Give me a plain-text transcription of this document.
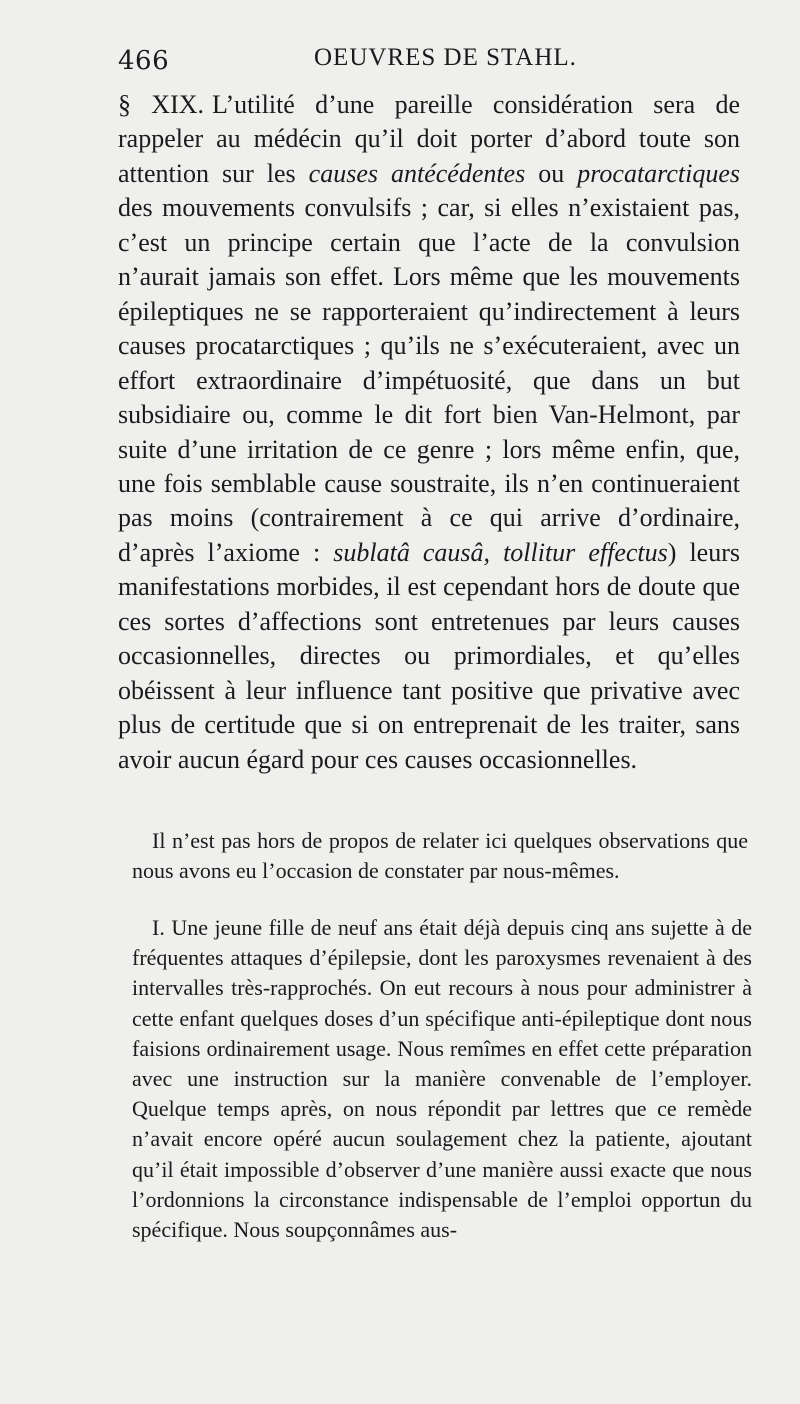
466	OEUVRES DE STAHL.
§ XIX. L’utilité d’une pareille considération sera de rappeler au médécin qu’il doit porter d’abord toute son attention sur les causes antécédentes ou procatarctiques des mouvements convulsifs ; car, si elles n’existaient pas, c’est un principe certain que l’acte de la convulsion n’aurait jamais son effet. Lors même que les mouvements épileptiques ne se rapporteraient qu’indirectement à leurs causes procatarctiques ; qu’ils ne s’exécuteraient, avec un effort extraordinaire d’impétuosité, que dans un but subsidiaire ou, comme le dit fort bien Van-Helmont, par suite d’une irritation de ce genre ; lors même enfin, que, une fois semblable cause soustraite, ils n’en continueraient pas moins (contrairement à ce qui arrive d’ordinaire, d’après l’axiome : sublatâ causâ, tollitur effectus) leurs manifestations morbides, il est cependant hors de doute que ces sortes d’affections sont entretenues par leurs causes occasionnelles, directes ou primordiales, et qu’elles obéissent à leur influence tant positive que privative avec plus de certitude que si on entreprenait de les traiter, sans avoir aucun égard pour ces causes occasionnelles.
Il n’est pas hors de propos de relater ici quelques observations que nous avons eu l’occasion de constater par nous-mêmes.
I. Une jeune fille de neuf ans était déjà depuis cinq ans sujette à de fréquentes attaques d’épilepsie, dont les paroxysmes revenaient à des intervalles très-rapprochés. On eut recours à nous pour administrer à cette enfant quelques doses d’un spécifique anti-épileptique dont nous faisions ordinairement usage. Nous remîmes en effet cette préparation avec une instruction sur la manière convenable de l’employer. Quelque temps après, on nous répondit par lettres que ce remède n’avait encore opéré aucun soulagement chez la patiente, ajoutant qu’il était impossible d’observer d’une manière aussi exacte que nous l’ordonnions la circonstance indispensable de l’emploi opportun du spécifique. Nous soupçonnâmes aus-
